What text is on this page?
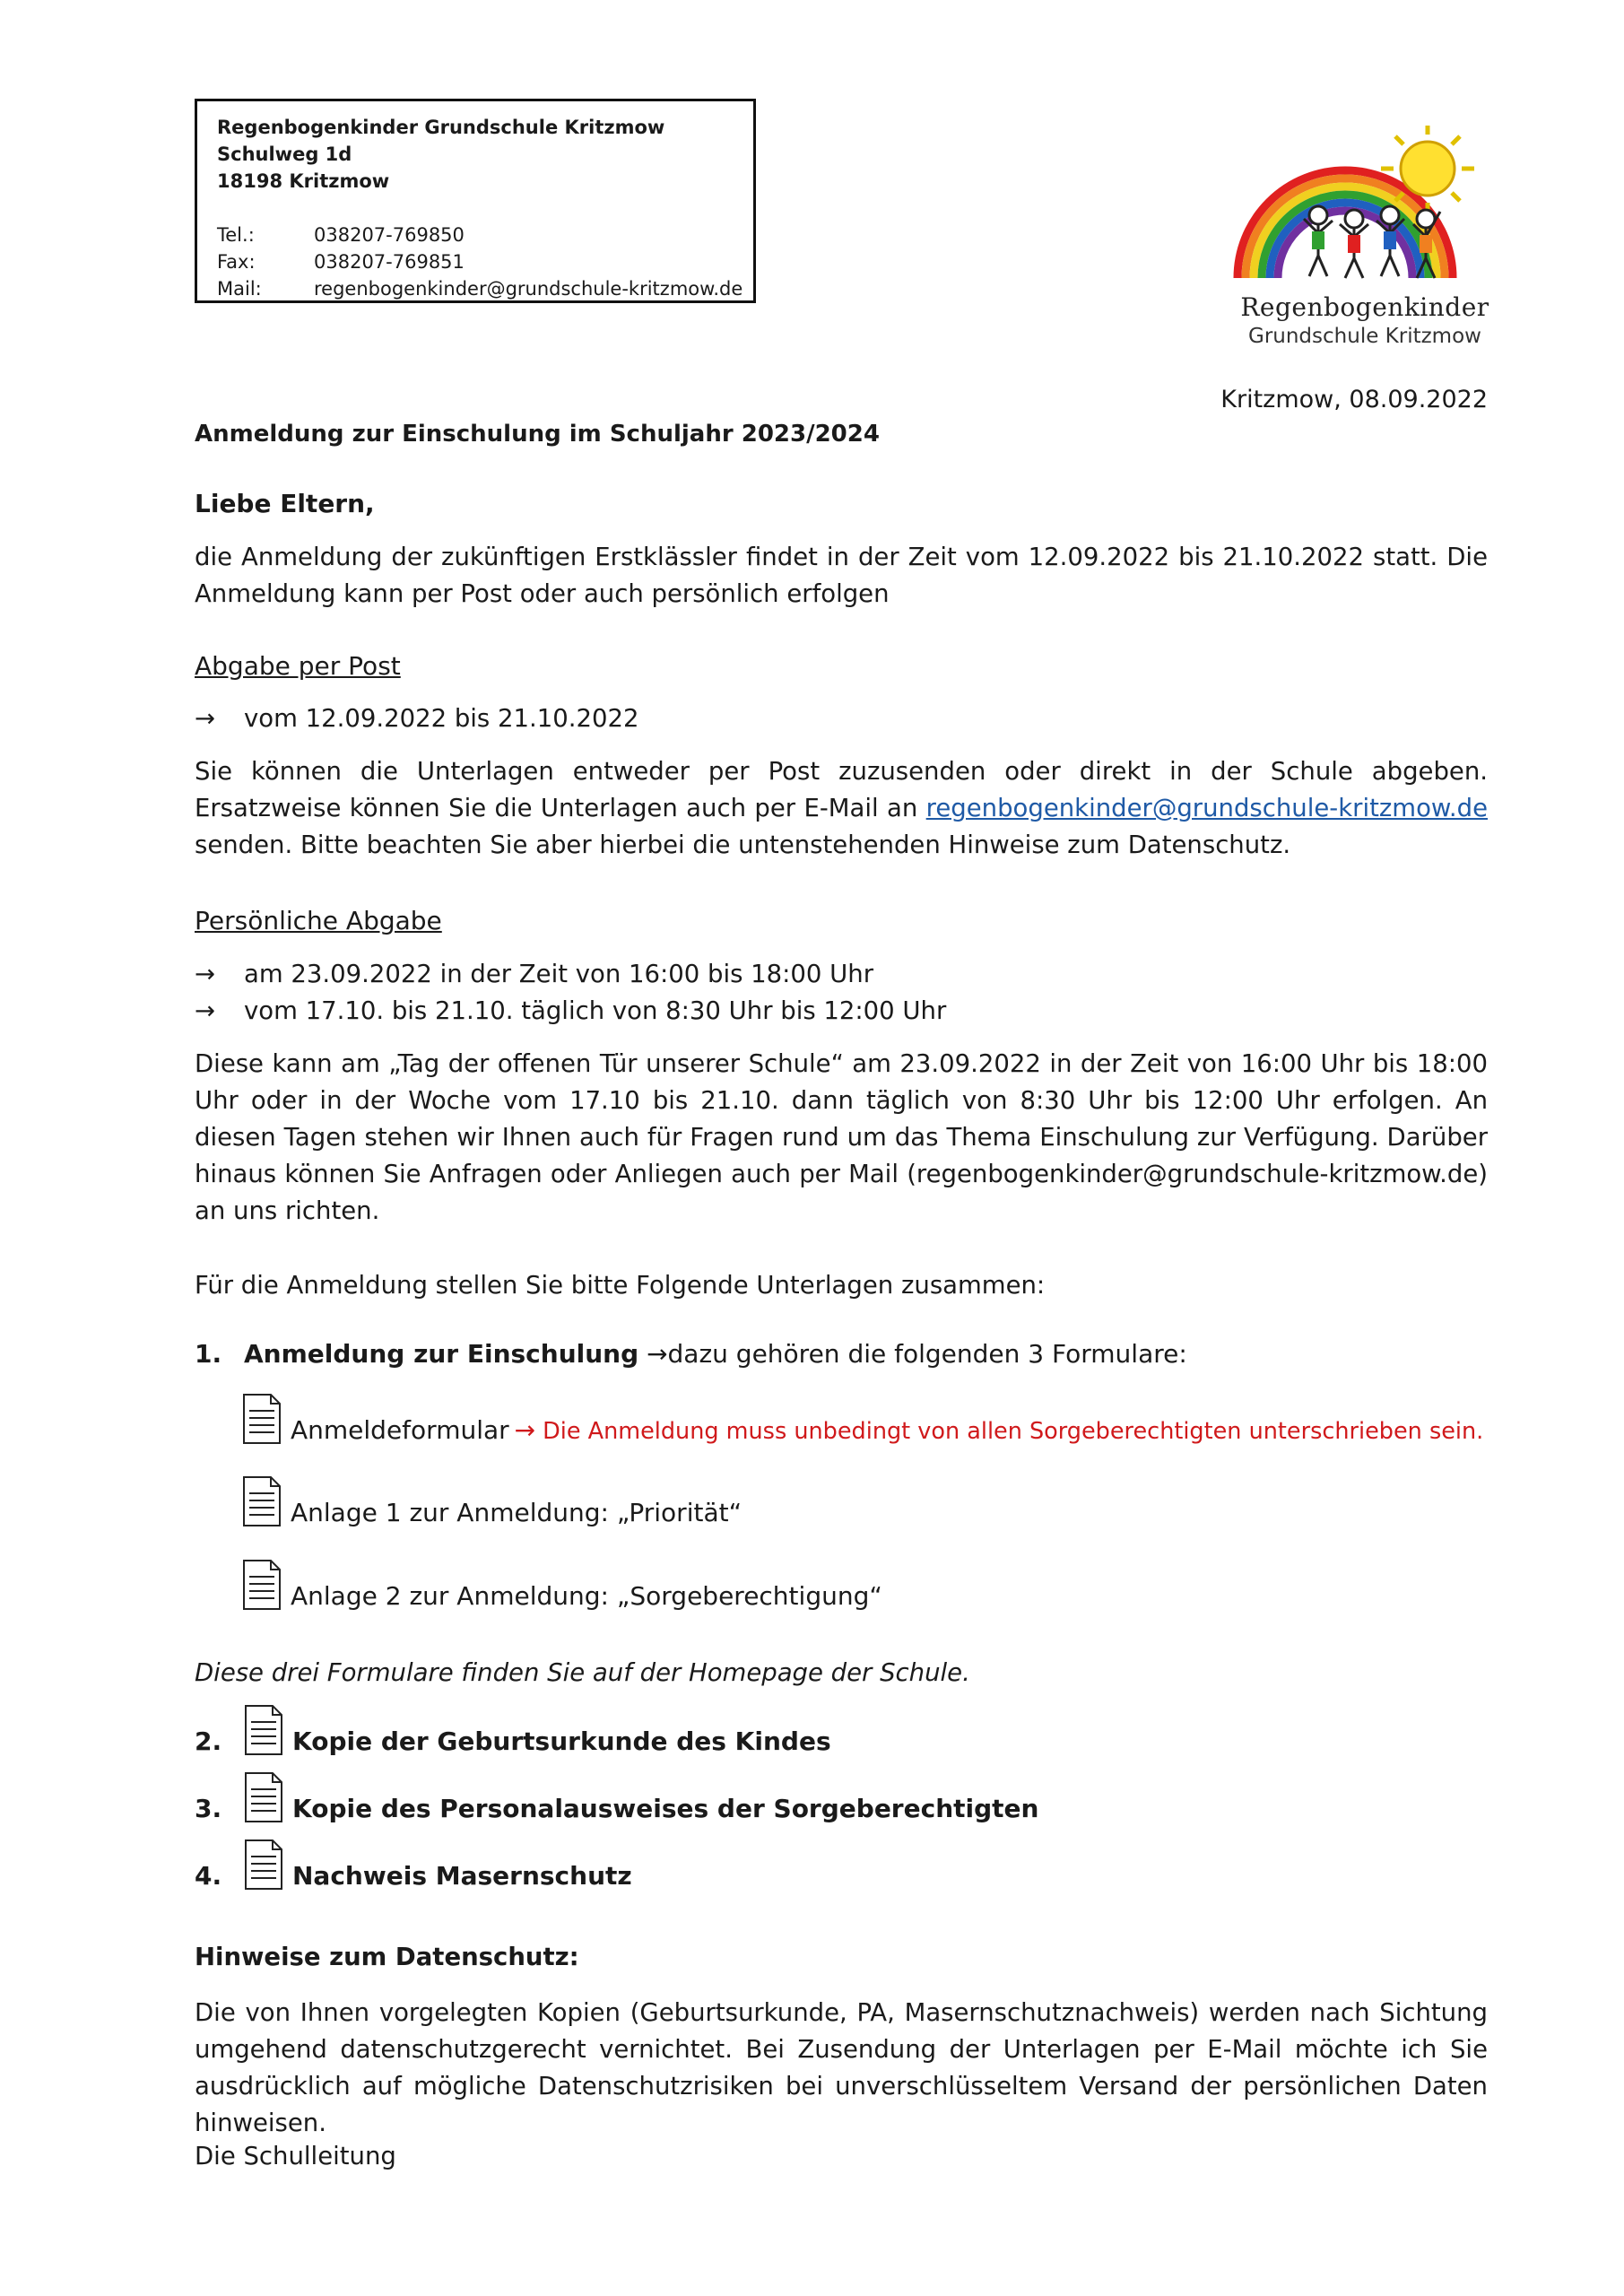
Regenbogenkinder Grundschule Kritzmow
Schulweg 1d
18198 Kritzmow
Tel.:	038207-769850
Fax:	038207-769851
Mail:	regenbogenkinder@grundschule-kritzmow.de
Regenbogenkinder
Grundschule Kritzmow
Kritzmow, 08.09.2022
Anmeldung zur Einschulung im Schuljahr 2023/2024
Liebe Eltern,
die Anmeldung der zukünftigen Erstklässler findet in der Zeit vom 12.09.2022 bis 21.10.2022 statt. Die Anmeldung kann per Post oder auch persönlich erfolgen
Abgabe per Post
→	vom 12.09.2022 bis 21.10.2022
Sie können die Unterlagen entweder per Post zuzusenden oder direkt in der Schule abgeben. Ersatzweise können Sie die Unterlagen auch per E-Mail an regenbogenkinder@grundschule-kritzmow.de senden. Bitte beachten Sie aber hierbei die untenstehenden Hinweise zum Datenschutz.
Persönliche Abgabe
→	am 23.09.2022 in der Zeit von 16:00 bis 18:00 Uhr
→	vom 17.10. bis 21.10. täglich von 8:30 Uhr bis 12:00 Uhr
Diese kann am „Tag der offenen Tür unserer Schule“ am 23.09.2022 in der Zeit von 16:00 Uhr bis 18:00 Uhr oder in der Woche vom 17.10 bis 21.10. dann täglich von 8:30 Uhr bis 12:00 Uhr erfolgen. An diesen Tagen stehen wir Ihnen auch für Fragen rund um das Thema Einschulung zur Verfügung. Darüber hinaus können Sie Anfragen oder Anliegen auch per Mail (regenbogenkinder@grundschule-kritzmow.de) an uns richten.
Für die Anmeldung stellen Sie bitte Folgende Unterlagen zusammen:
1. Anmeldung zur Einschulung
→ dazu gehören die folgenden 3 Formulare:
Anmeldeformular → Die Anmeldung muss unbedingt von allen Sorgeberechtigten unterschrieben sein.
Anlage 1 zur Anmeldung: „Priorität“
Anlage 2 zur Anmeldung: „Sorgeberechtigung“
Diese drei Formulare finden Sie auf der Homepage der Schule.
2.	Kopie der Geburtsurkunde des Kindes
3.	Kopie des Personalausweises der Sorgeberechtigten
4.	Nachweis Masernschutz
Hinweise zum Datenschutz:
Die von Ihnen vorgelegten Kopien (Geburtsurkunde, PA, Masernschutznachweis) werden nach Sichtung umgehend datenschutzgerecht vernichtet. Bei Zusendung der Unterlagen per E-Mail möchte ich Sie ausdrücklich auf mögliche Datenschutzrisiken bei unverschlüsseltem Versand der persönlichen Daten hinweisen.
Die Schulleitung
